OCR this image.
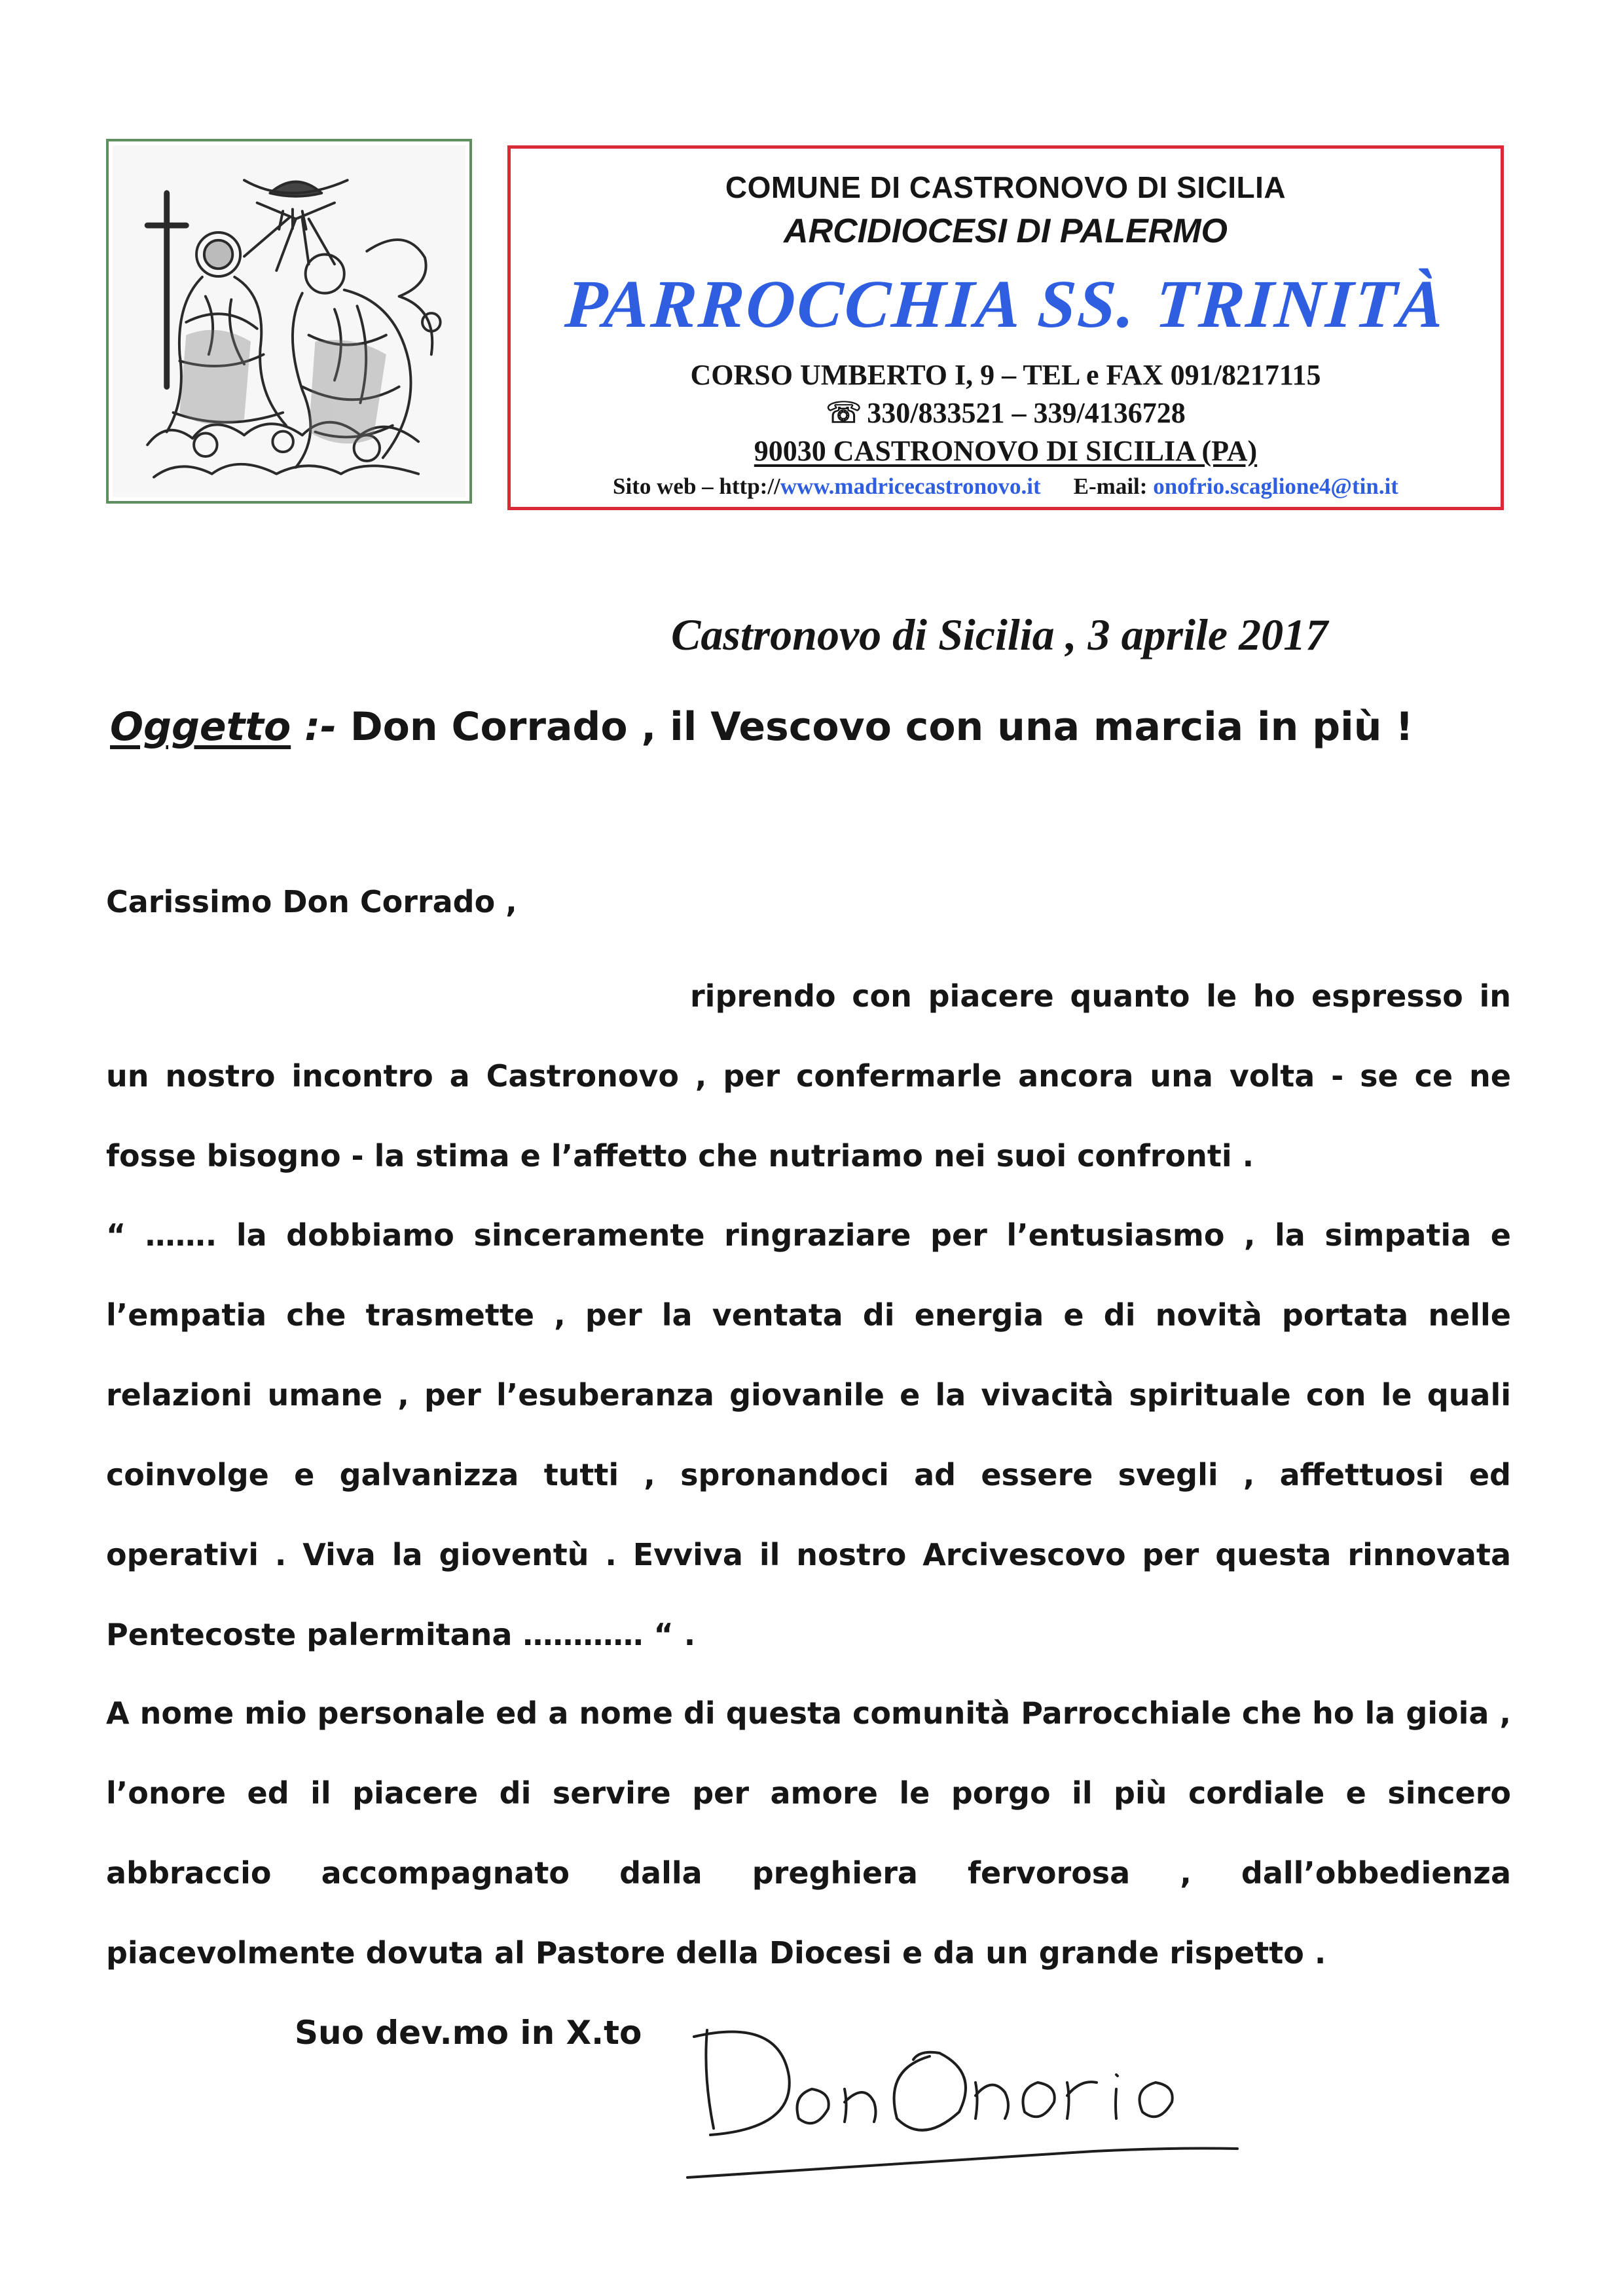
COMUNE DI CASTRONOVO DI SICILIA

ARCIDIOCESI DI PALERMO

PARROCCHIA SS. TRINITÀ

CORSO UMBERTO I, 9 – TEL e FAX 091/8217115

☏ 330/833521 – 339/4136728

90030 CASTRONOVO DI SICILIA (PA)

Sito web – http://www.madricecastronovo.it E-mail: onofrio.scaglione4@tin.it

Castronovo di Sicilia , 3 aprile 2017

Oggetto :- Don Corrado , il Vescovo con una marcia in più !

Carissimo Don Corrado ,

riprendo con piacere quanto le ho espresso in un nostro incontro a Castronovo , per confermarle ancora una volta - se ce ne fosse bisogno - la stima e l’affetto che nutriamo nei suoi confronti .

“ ……. la dobbiamo sinceramente ringraziare per l’entusiasmo , la simpatia e l’empatia che trasmette , per la ventata di energia e di novità portata nelle relazioni umane , per l’esuberanza giovanile e la vivacità spirituale con le quali coinvolge e galvanizza tutti , spronandoci ad essere svegli , affettuosi ed operativi . Viva la gioventù . Evviva il nostro Arcivescovo per questa rinnovata Pentecoste palermitana ………… “ .

A nome mio personale ed a nome di questa comunità Parrocchiale che ho la gioia , l’onore ed il piacere di servire per amore le porgo il più cordiale e sincero abbraccio accompagnato dalla preghiera fervorosa , dall’obbedienza piacevolmente dovuta al Pastore della Diocesi e da un grande rispetto .

Suo dev.mo in X.to
